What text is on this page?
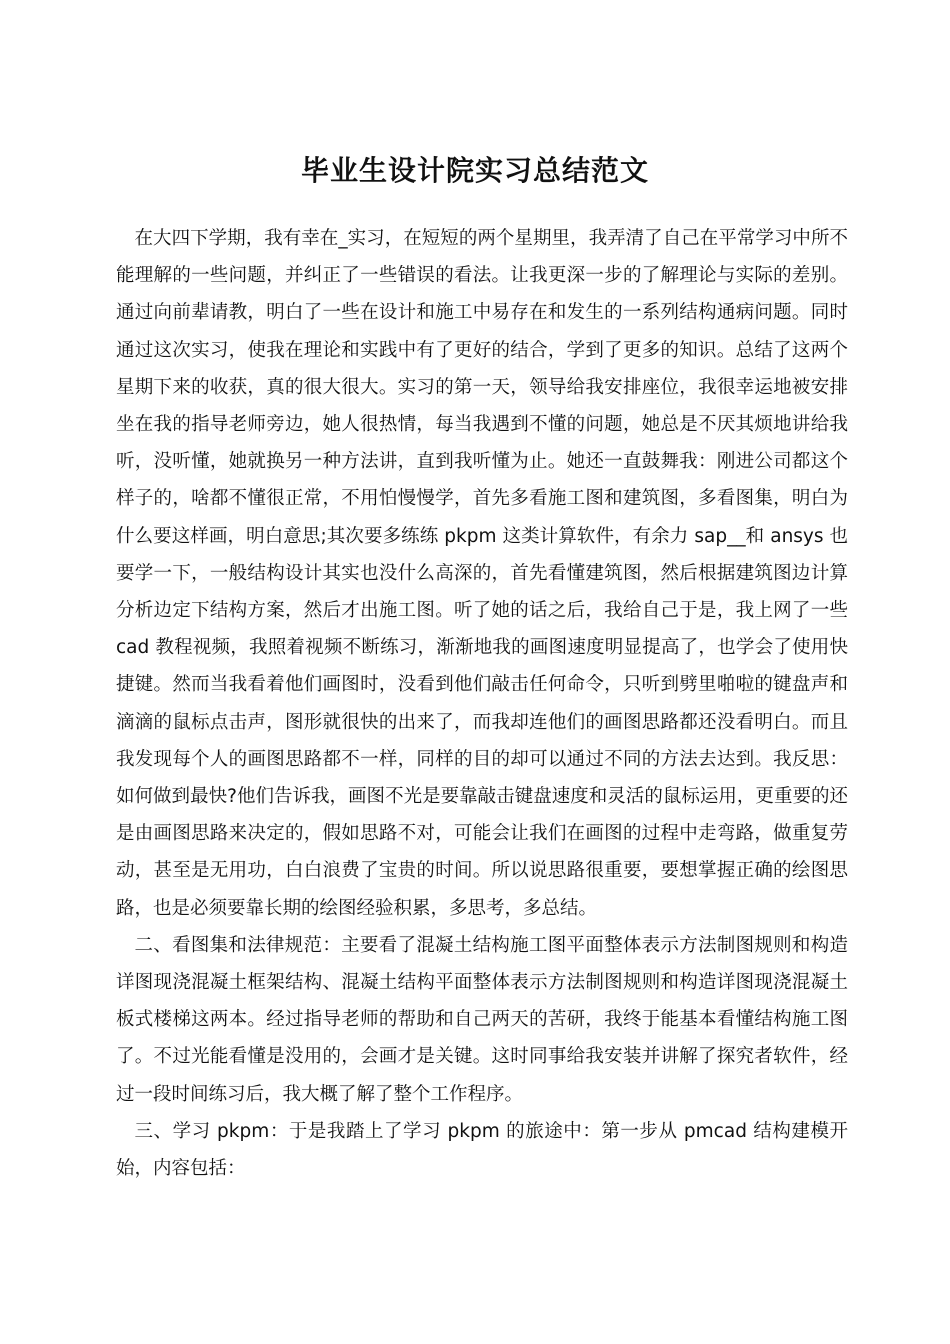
毕业生设计院实习总结范文

在大四下学期，我有幸在_实习，在短短的两个星期里，我弄清了自己在平常学习中所不能理解的一些问题，并纠正了一些错误的看法。让我更深一步的了解理论与实际的差别。通过向前辈请教，明白了一些在设计和施工中易存在和发生的一系列结构通病问题。同时通过这次实习，使我在理论和实践中有了更好的结合，学到了更多的知识。总结了这两个星期下来的收获，真的很大很大。实习的第一天，领导给我安排座位，我很幸运地被安排坐在我的指导老师旁边，她人很热情，每当我遇到不懂的问题，她总是不厌其烦地讲给我听，没听懂，她就换另一种方法讲，直到我听懂为止。她还一直鼓舞我：刚进公司都这个样子的，啥都不懂很正常，不用怕慢慢学，首先多看施工图和建筑图，多看图集，明白为什么要这样画，明白意思;其次要多练练 pkpm 这类计算软件，有余力 sap__和 ansys 也要学一下，一般结构设计其实也没什么高深的，首先看懂建筑图，然后根据建筑图边计算分析边定下结构方案，然后才出施工图。听了她的话之后，我给自己于是，我上网了一些 cad 教程视频，我照着视频不断练习，渐渐地我的画图速度明显提高了，也学会了使用快捷键。然而当我看着他们画图时，没看到他们敲击任何命令，只听到劈里啪啦的键盘声和滴滴的鼠标点击声，图形就很快的出来了，而我却连他们的画图思路都还没看明白。而且我发现每个人的画图思路都不一样，同样的目的却可以通过不同的方法去达到。我反思：如何做到最快?他们告诉我，画图不光是要靠敲击键盘速度和灵活的鼠标运用，更重要的还是由画图思路来决定的，假如思路不对，可能会让我们在画图的过程中走弯路，做重复劳动，甚至是无用功，白白浪费了宝贵的时间。所以说思路很重要，要想掌握正确的绘图思路，也是必须要靠长期的绘图经验积累，多思考，多总结。

二、看图集和法律规范：主要看了混凝土结构施工图平面整体表示方法制图规则和构造详图现浇混凝土框架结构、混凝土结构平面整体表示方法制图规则和构造详图现浇混凝土板式楼梯这两本。经过指导老师的帮助和自己两天的苦研，我终于能基本看懂结构施工图了。不过光能看懂是没用的，会画才是关键。这时同事给我安装并讲解了探究者软件，经过一段时间练习后，我大概了解了整个工作程序。

三、学习 pkpm：于是我踏上了学习 pkpm 的旅途中：第一步从 pmcad 结构建模开始，内容包括：
